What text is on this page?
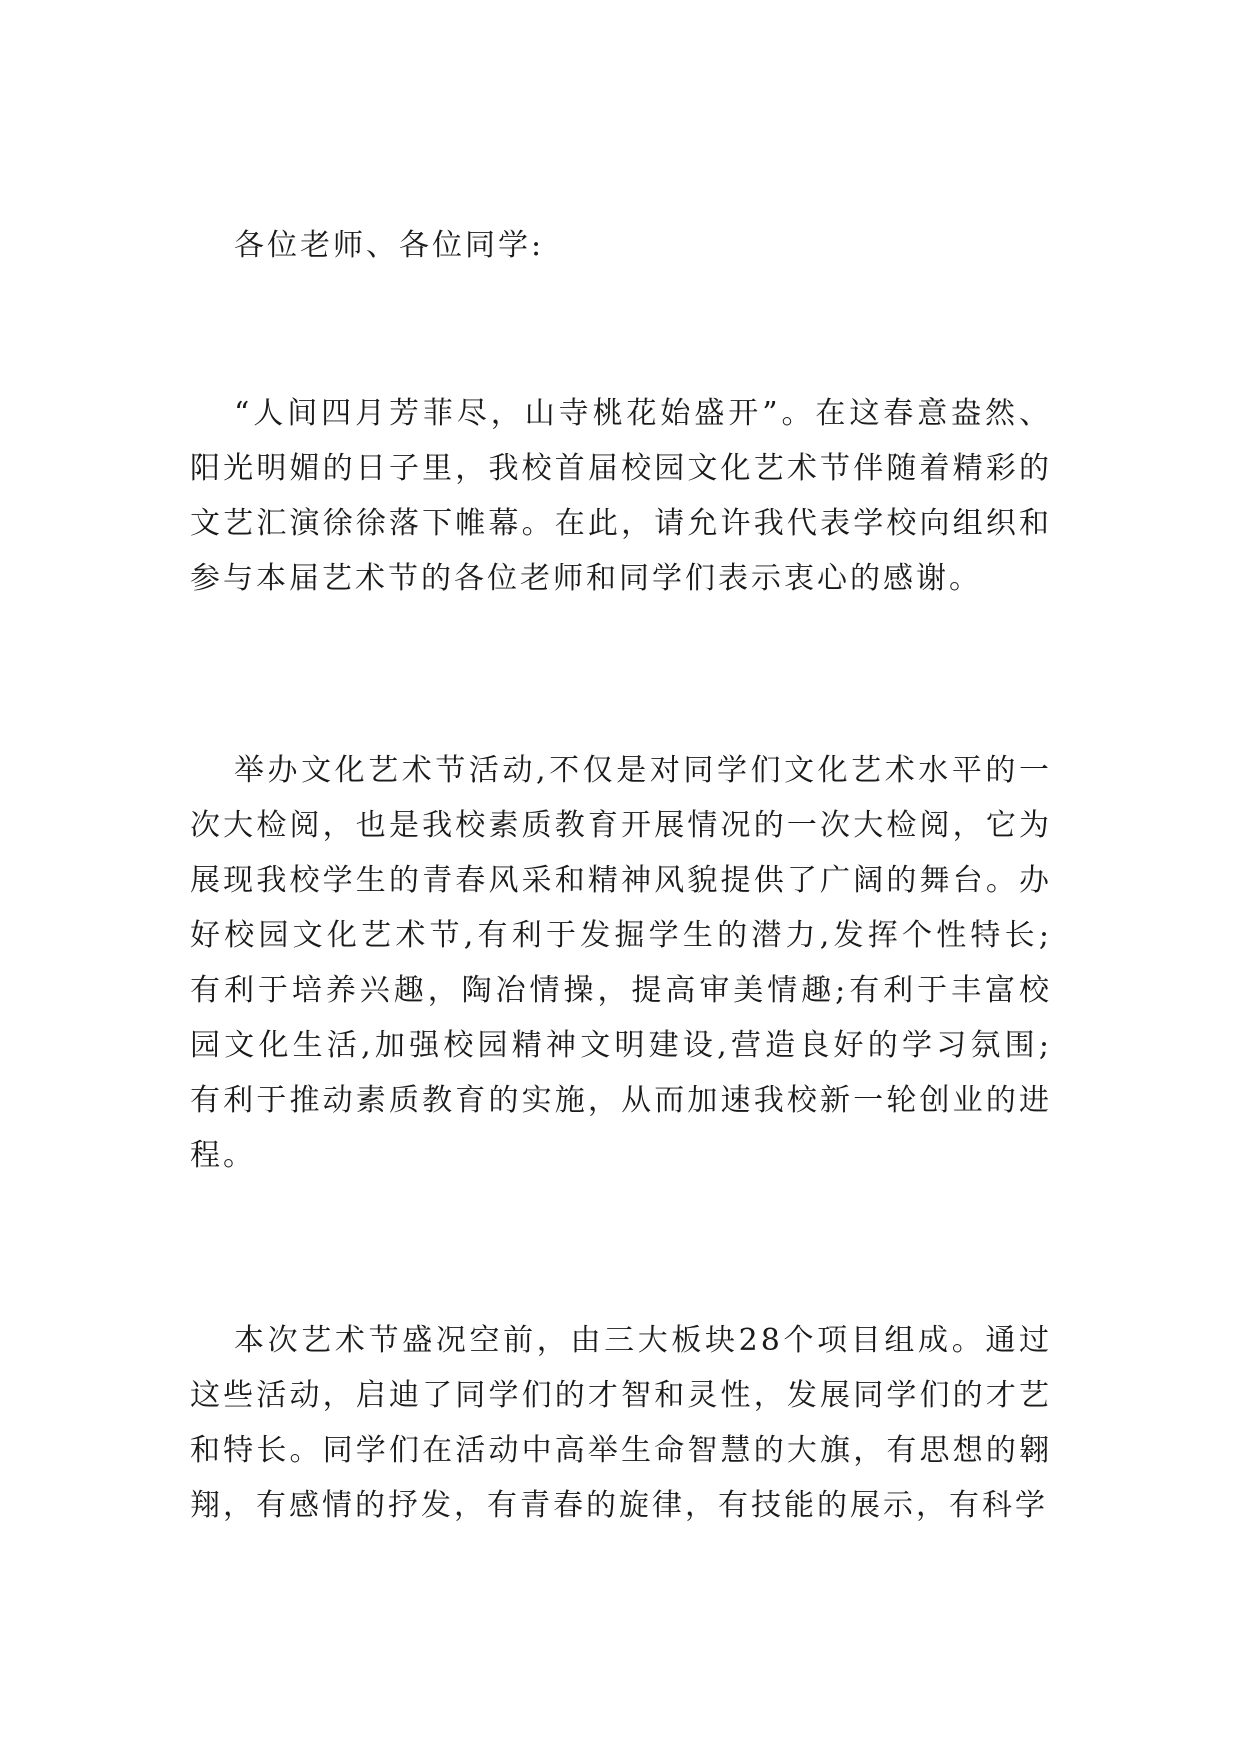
各位老师、各位同学:

“人间四月芳菲尽，山寺桃花始盛开”。在这春意盎然、阳光明媚的日子里，我校首届校园文化艺术节伴随着精彩的文艺汇演徐徐落下帷幕。在此，请允许我代表学校向组织和参与本届艺术节的各位老师和同学们表示衷心的感谢。

举办文化艺术节活动,不仅是对同学们文化艺术水平的一次大检阅，也是我校素质教育开展情况的一次大检阅，它为展现我校学生的青春风采和精神风貌提供了广阔的舞台。办好校园文化艺术节,有利于发掘学生的潜力,发挥个性特长;有利于培养兴趣，陶冶情操，提高审美情趣;有利于丰富校园文化生活,加强校园精神文明建设,营造良好的学习氛围;有利于推动素质教育的实施，从而加速我校新一轮创业的进程。

本次艺术节盛况空前，由三大板块28个项目组成。通过这些活动，启迪了同学们的才智和灵性，发展同学们的才艺和特长。同学们在活动中高举生命智慧的大旗，有思想的翱翔，有感情的抒发，有青春的旋律，有技能的展示，有科学
